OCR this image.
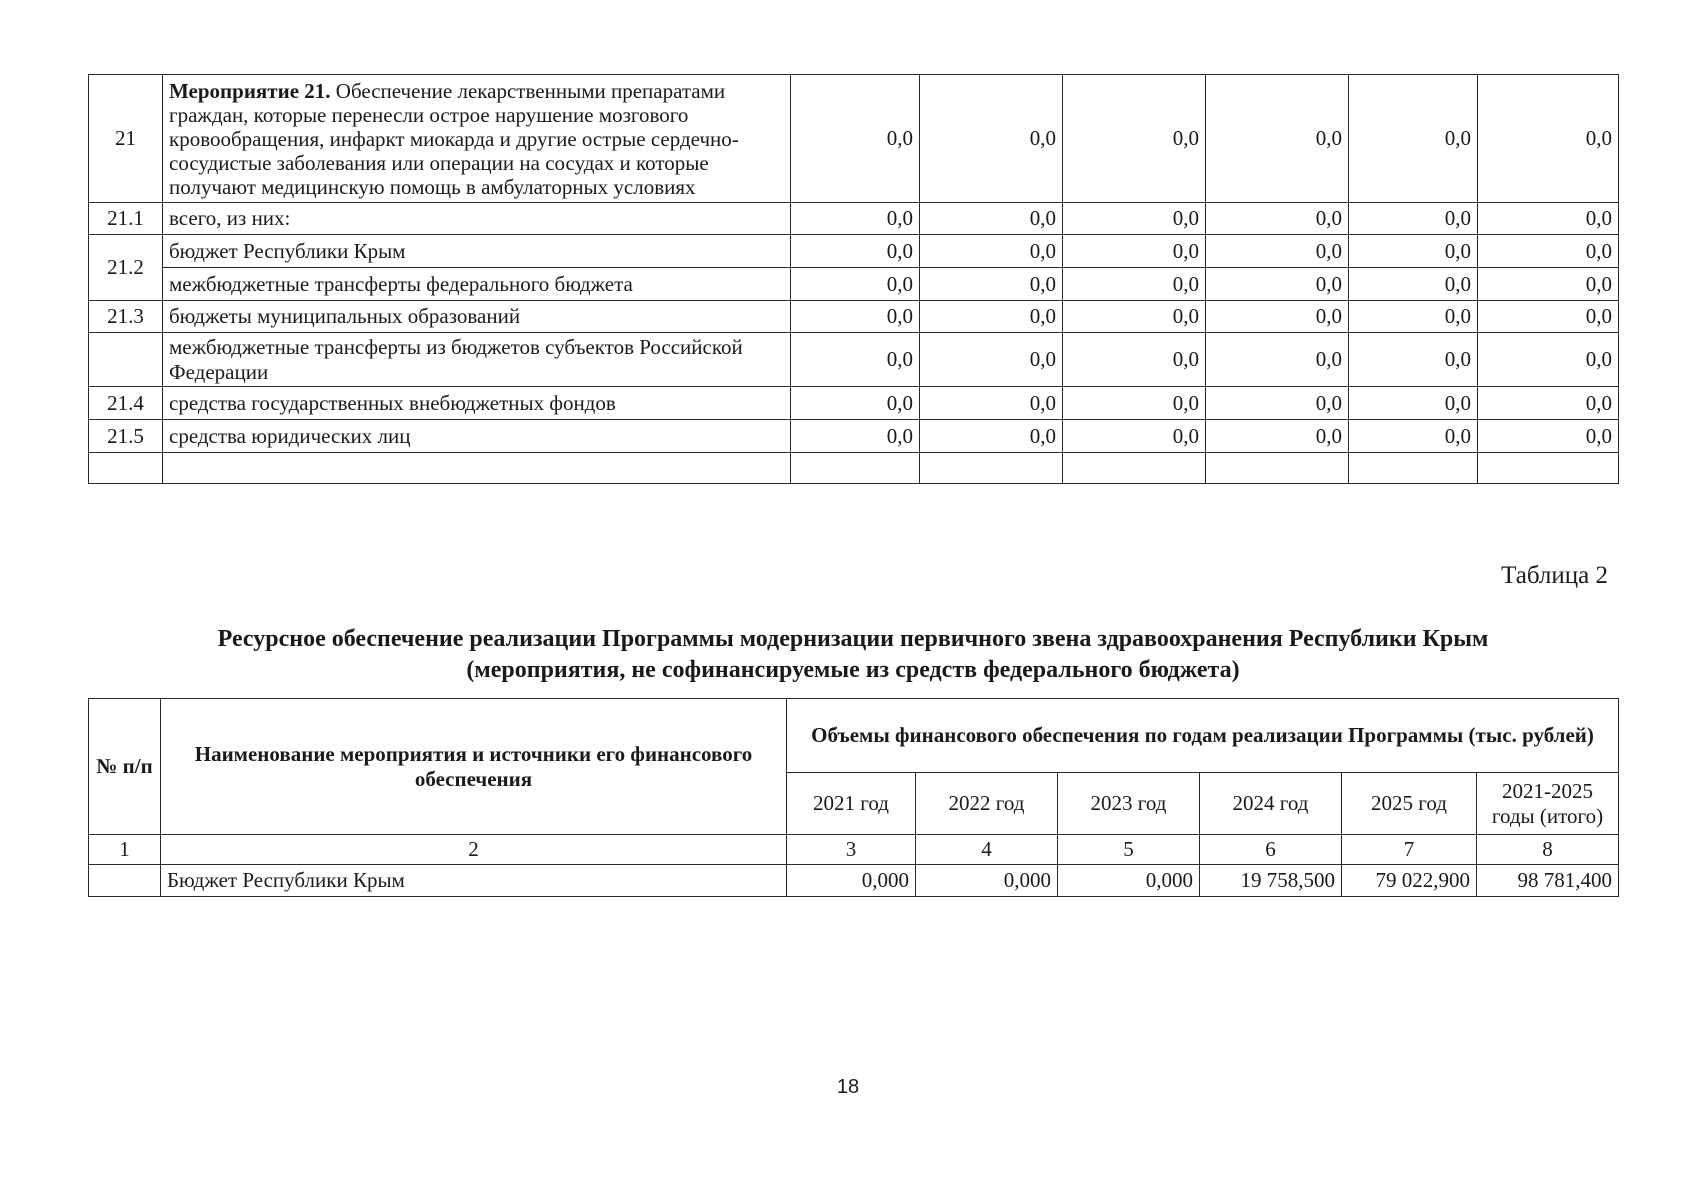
21	Мероприятие 21. Обеспечение лекарственными препаратами граждан, которые перенесли острое нарушение мозгового кровообращения, инфаркт миокарда и другие острые сердечно-сосудистые заболевания или операции на сосудах и которые получают медицинскую помощь в амбулаторных условиях	0,0	0,0	0,0	0,0	0,0	0,0
21.1	всего, из них:	0,0	0,0	0,0	0,0	0,0	0,0
21.2	бюджет Республики Крым	0,0	0,0	0,0	0,0	0,0	0,0
	межбюджетные трансферты федерального бюджета	0,0	0,0	0,0	0,0	0,0	0,0
21.3	бюджеты муниципальных образований	0,0	0,0	0,0	0,0	0,0	0,0
	межбюджетные трансферты из бюджетов субъектов Российской Федерации	0,0	0,0	0,0	0,0	0,0	0,0
21.4	средства государственных внебюджетных фондов	0,0	0,0	0,0	0,0	0,0	0,0
21.5	средства юридических лиц	0,0	0,0	0,0	0,0	0,0	0,0

Таблица 2
Ресурсное обеспечение реализации Программы модернизации первичного звена здравоохранения Республики Крым
(мероприятия, не софинансируемые из средств федерального бюджета)
№ п/п	Наименование мероприятия и источники его финансового обеспечения	Объемы финансового обеспечения по годам реализации Программы (тыс. рублей)					
		2021 год	2022 год	2023 год	2024 год	2025 год	2021-2025 годы (итого)
1	2	3	4	5	6	7	8
	Бюджет Республики Крым	0,000	0,000	0,000	19 758,500	79 022,900	98 781,400
18
